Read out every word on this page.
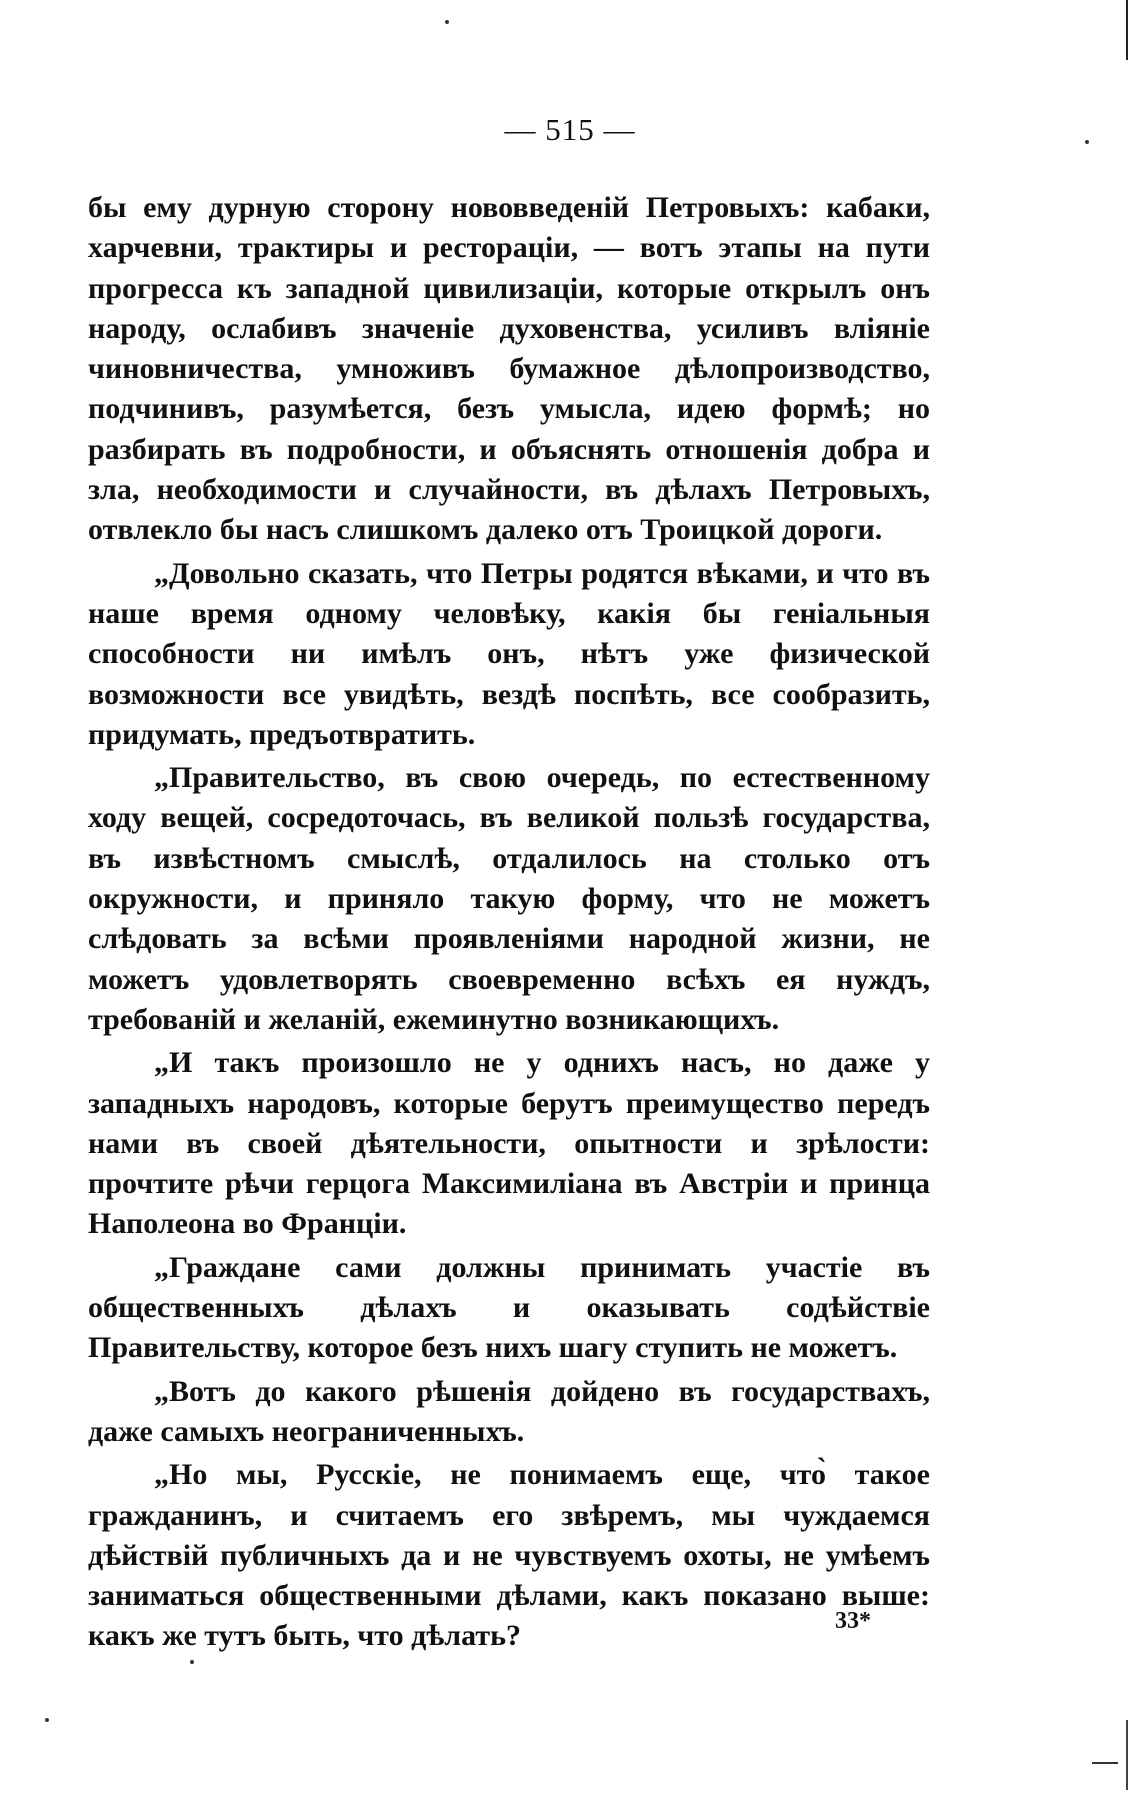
— 515 —

бы ему дурную сторону нововведеній Петровыхъ: кабаки, харчевни, трактиры и рестораціи, — вотъ этапы на пути прогресса къ западной цивилизаціи, которые открылъ онъ народу, ослабивъ значеніе духовенства, усиливъ вліяніе чиновничества, умноживъ бумажное дѣлопроизводство, подчинивъ, разумѣется, безъ умысла, идею формѣ; но разбирать въ подробности, и объяснять отношенія добра и зла, необходимости и случайности, въ дѣлахъ Петровыхъ, отвлекло бы насъ слишкомъ далеко отъ Троицкой дороги.

„Довольно сказать, что Петры родятся вѣками, и что въ наше время одному человѣку, какія бы геніальныя способности ни имѣлъ онъ, нѣтъ уже физической возможности все увидѣть, вездѣ поспѣть, все сообразить, придумать, предъотвратить.

„Правительство, въ свою очередь, по естественному ходу вещей, сосредоточась, въ великой пользѣ государства, въ извѣстномъ смыслѣ, отдалилось на столько отъ окружности, и приняло такую форму, что не можетъ слѣдовать за всѣми проявленіями народной жизни, не можетъ удовлетворять своевременно всѣхъ ея нуждъ, требованій и желаній, ежеминутно возникающихъ.

„И такъ произошло не у однихъ насъ, но даже у западныхъ народовъ, которые берутъ преимущество передъ нами въ своей дѣятельности, опытности и зрѣлости: прочтите рѣчи герцога Максимиліана въ Австріи и принца Наполеона во Франціи.

„Граждане сами должны принимать участіе въ общественныхъ дѣлахъ и оказывать содѣйствіе Правительству, которое безъ нихъ шагу ступить не можетъ.

„Вотъ до какого рѣшенія дойдено въ государствахъ, даже самыхъ неограниченныхъ.

„Но мы, Русскіе, не понимаемъ еще, что̀ такое гражданинъ, и считаемъ его звѣремъ, мы чуждаемся дѣйствій публичныхъ да и не чувствуемъ охоты, не умѣемъ заниматься общественными дѣлами, какъ показано выше: какъ же тутъ быть, что дѣлать?	33*
